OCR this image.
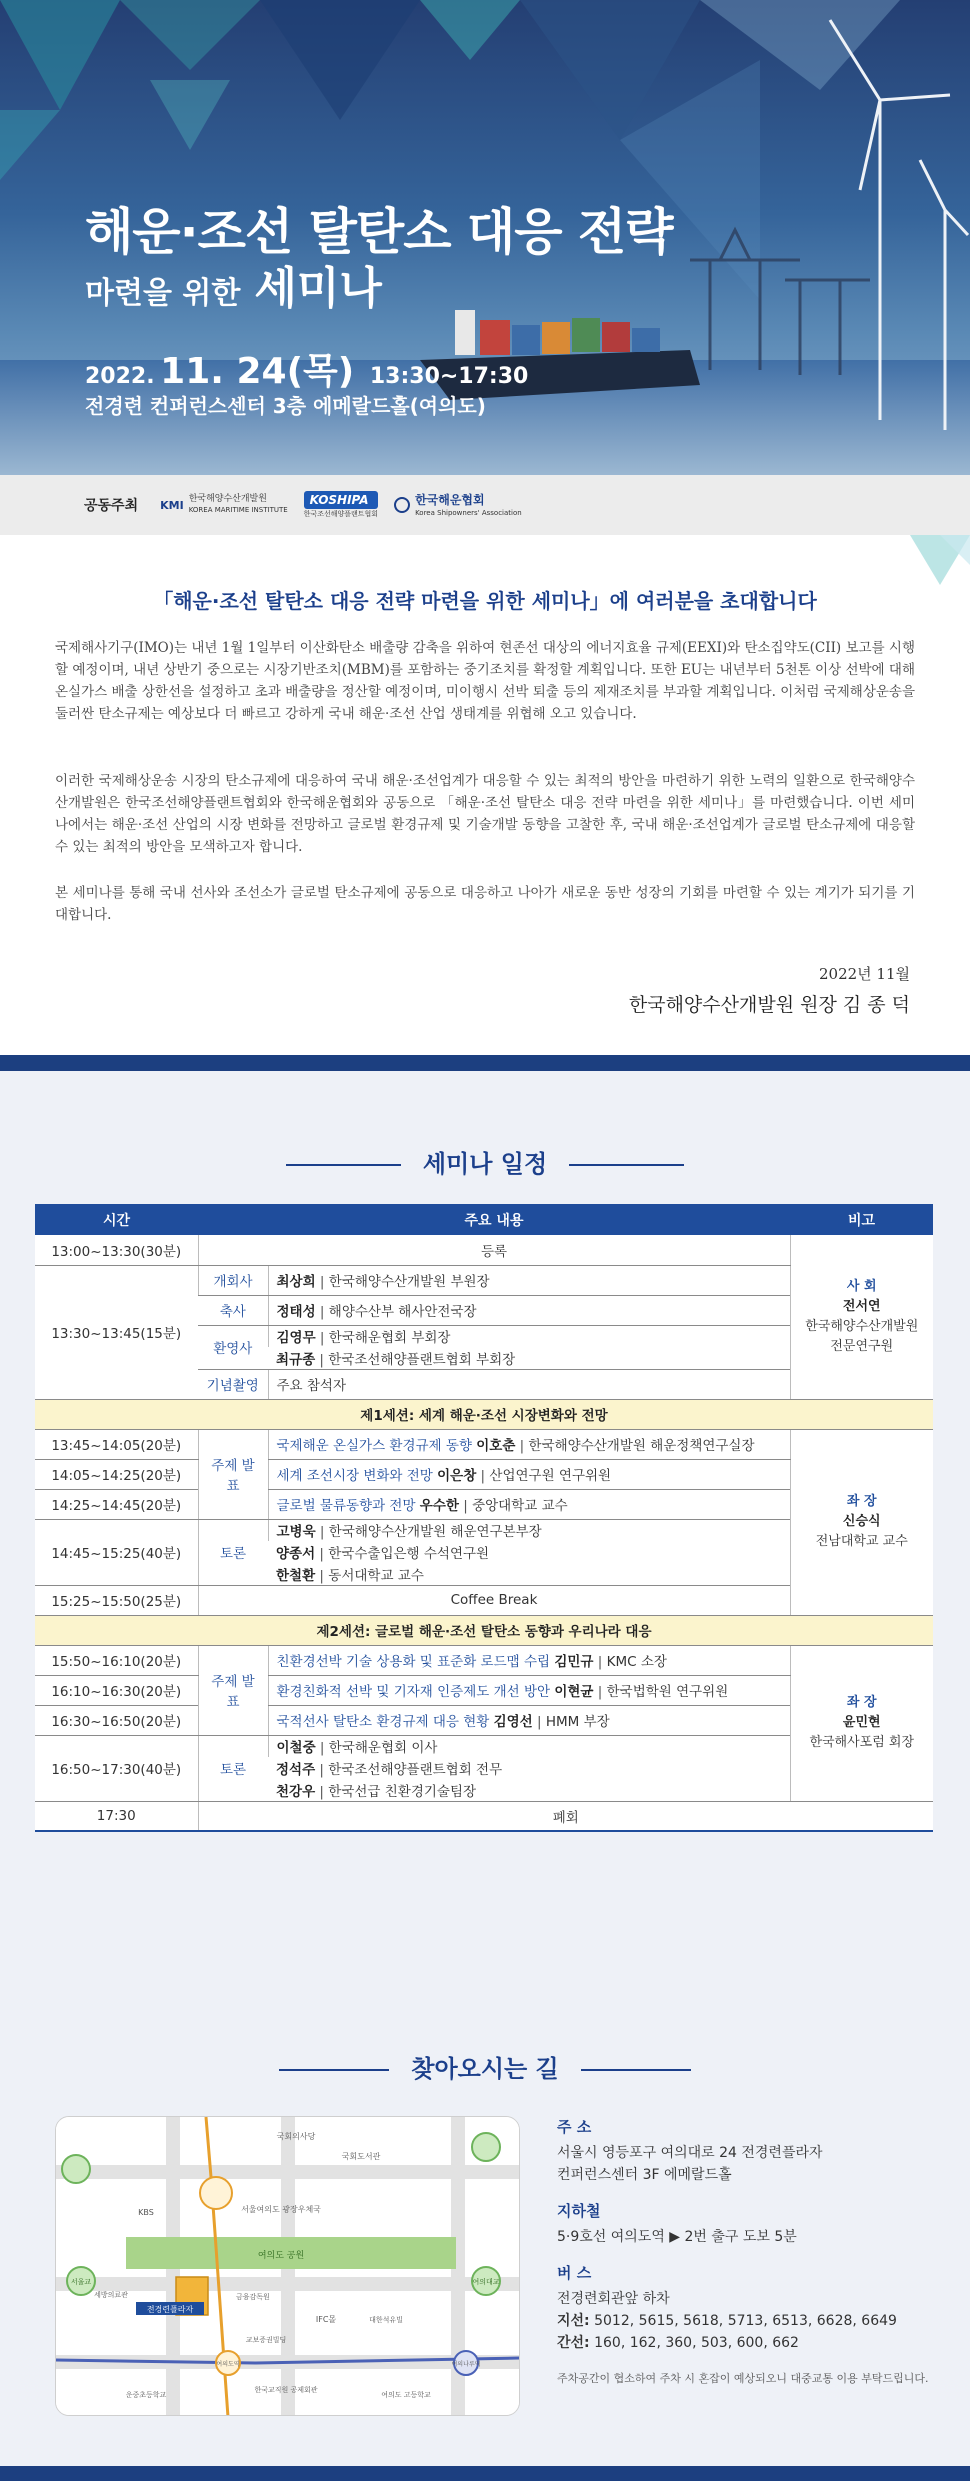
해운·조선 탈탄소 대응 전략
마련을 위한 세미나
2022. 11. 24(목) 13:30~17:30
전경련 컨퍼런스센터 3층 에메랄드홀(여의도)
공동주최 KMI 한국해양수산개발원
KOREA MARITIME INSTITUTE
KOSHIPA
한국조선해양플랜트협회
한국해운협회
Korea Shipowners' Association
「해운·조선 탈탄소 대응 전략 마련을 위한 세미나」에 여러분을 초대합니다

국제해사기구(IMO)는 내년 1월 1일부터 이산화탄소 배출량 감축을 위하여 현존선 대상의 에너지효율 규제(EEXI)와 탄소집약도(CII) 보고를 시행할 예정이며, 내년 상반기 중으로는 시장기반조치(MBM)를 포함하는 중기조치를 확정할 계획입니다. 또한 EU는 내년부터 5천톤 이상 선박에 대해 온실가스 배출 상한선을 설정하고 초과 배출량을 정산할 예정이며, 미이행시 선박 퇴출 등의 제재조치를 부과할 계획입니다. 이처럼 국제해상운송을 둘러싼 탄소규제는 예상보다 더 빠르고 강하게 국내 해운·조선 산업 생태계를 위협해 오고 있습니다.

이러한 국제해상운송 시장의 탄소규제에 대응하여 국내 해운·조선업계가 대응할 수 있는 최적의 방안을 마련하기 위한 노력의 일환으로 한국해양수산개발원은 한국조선해양플랜트협회와 한국해운협회와 공동으로 「해운·조선 탈탄소 대응 전략 마련을 위한 세미나」를 마련했습니다. 이번 세미나에서는 해운·조선 산업의 시장 변화를 전망하고 글로벌 환경규제 및 기술개발 동향을 고찰한 후, 국내 해운·조선업계가 글로벌 탄소규제에 대응할 수 있는 최적의 방안을 모색하고자 합니다.

본 세미나를 통해 국내 선사와 조선소가 글로벌 탄소규제에 공동으로 대응하고 나아가 새로운 동반 성장의 기회를 마련할 수 있는 계기가 되기를 기대합니다.

2022년 11월
한국해양수산개발원 원장 김 종 덕
세미나 일정
시간	주요 내용		비고
13:00~13:30(30분)	등록		사 회
전서연
한국해양수산개발원 전문연구원
13:30~13:45(15분)	개회사	최상희 | 한국해양수산개발원 부원장	
	축사	정태성 | 해양수산부 해사안전국장	
	환영사	김영무 | 한국해운협회 부회장	
		최규종 | 한국조선해양플랜트협회 부회장	
	기념촬영	주요 참석자	
제1세션: 세계 해운·조선 시장변화와 전망			
13:45~14:05(20분)	주제 발표	국제해운 온실가스 환경규제 동향 이호춘 | 한국해양수산개발원 해운정책연구실장	좌 장
신승식
전남대학교 교수
14:05~14:25(20분)		세계 조선시장 변화와 전망 이은창 | 산업연구원 연구위원	
14:25~14:45(20분)		글로벌 물류동향과 전망 우수한 | 중앙대학교 교수	
14:45~15:25(40분)	토론	고병욱 | 한국해양수산개발원 해운연구본부장	
		양종서 | 한국수출입은행 수석연구원	
		한철환 | 동서대학교 교수	
15:25~15:50(25분)	Coffee Break		
제2세션: 글로벌 해운·조선 탈탄소 동향과 우리나라 대응			
15:50~16:10(20분)	주제 발표	친환경선박 기술 상용화 및 표준화 로드맵 수립 김민규 | KMC 소장	좌 장
윤민현
한국해사포럼 회장
16:10~16:30(20분)		환경친화적 선박 및 기자재 인증제도 개선 방안 이현균 | 한국법학원 연구위원	
16:30~16:50(20분)		국적선사 탈탄소 환경규제 대응 현황 김영선 | HMM 부장	
16:50~17:30(40분)	토론	이철중 | 한국해운협회 이사	
		정석주 | 한국조선해양플랜트협회 전무	
		천강우 | 한국선급 친환경기술팀장	
17:30	폐회		
찾아오시는 길
여의도 공원
전경련플라자
국회의사당
국회도서관
KBS	서울여의도 광장우체국
서울교	여의대교
세방의료관	금융감독원
IFC몰
교보증권빌딩
대한석유빌
여의도역
한국교직원 공제회관
여의도 고등학교
운중초등학교
여의나루역
주 소
서울시 영등포구 여의대로 24 전경련플라자
컨퍼런스센터 3F 에메랄드홀
지하철
5·9호선 여의도역 ▶ 2번 출구 도보 5분
버 스
전경련회관앞 하차
지선: 5012, 5615, 5618, 5713, 6513, 6628, 6649
간선: 160, 162, 360, 503, 600, 662
주차공간이 협소하여 주차 시 혼잡이 예상되오니 대중교통 이용 부탁드립니다.
